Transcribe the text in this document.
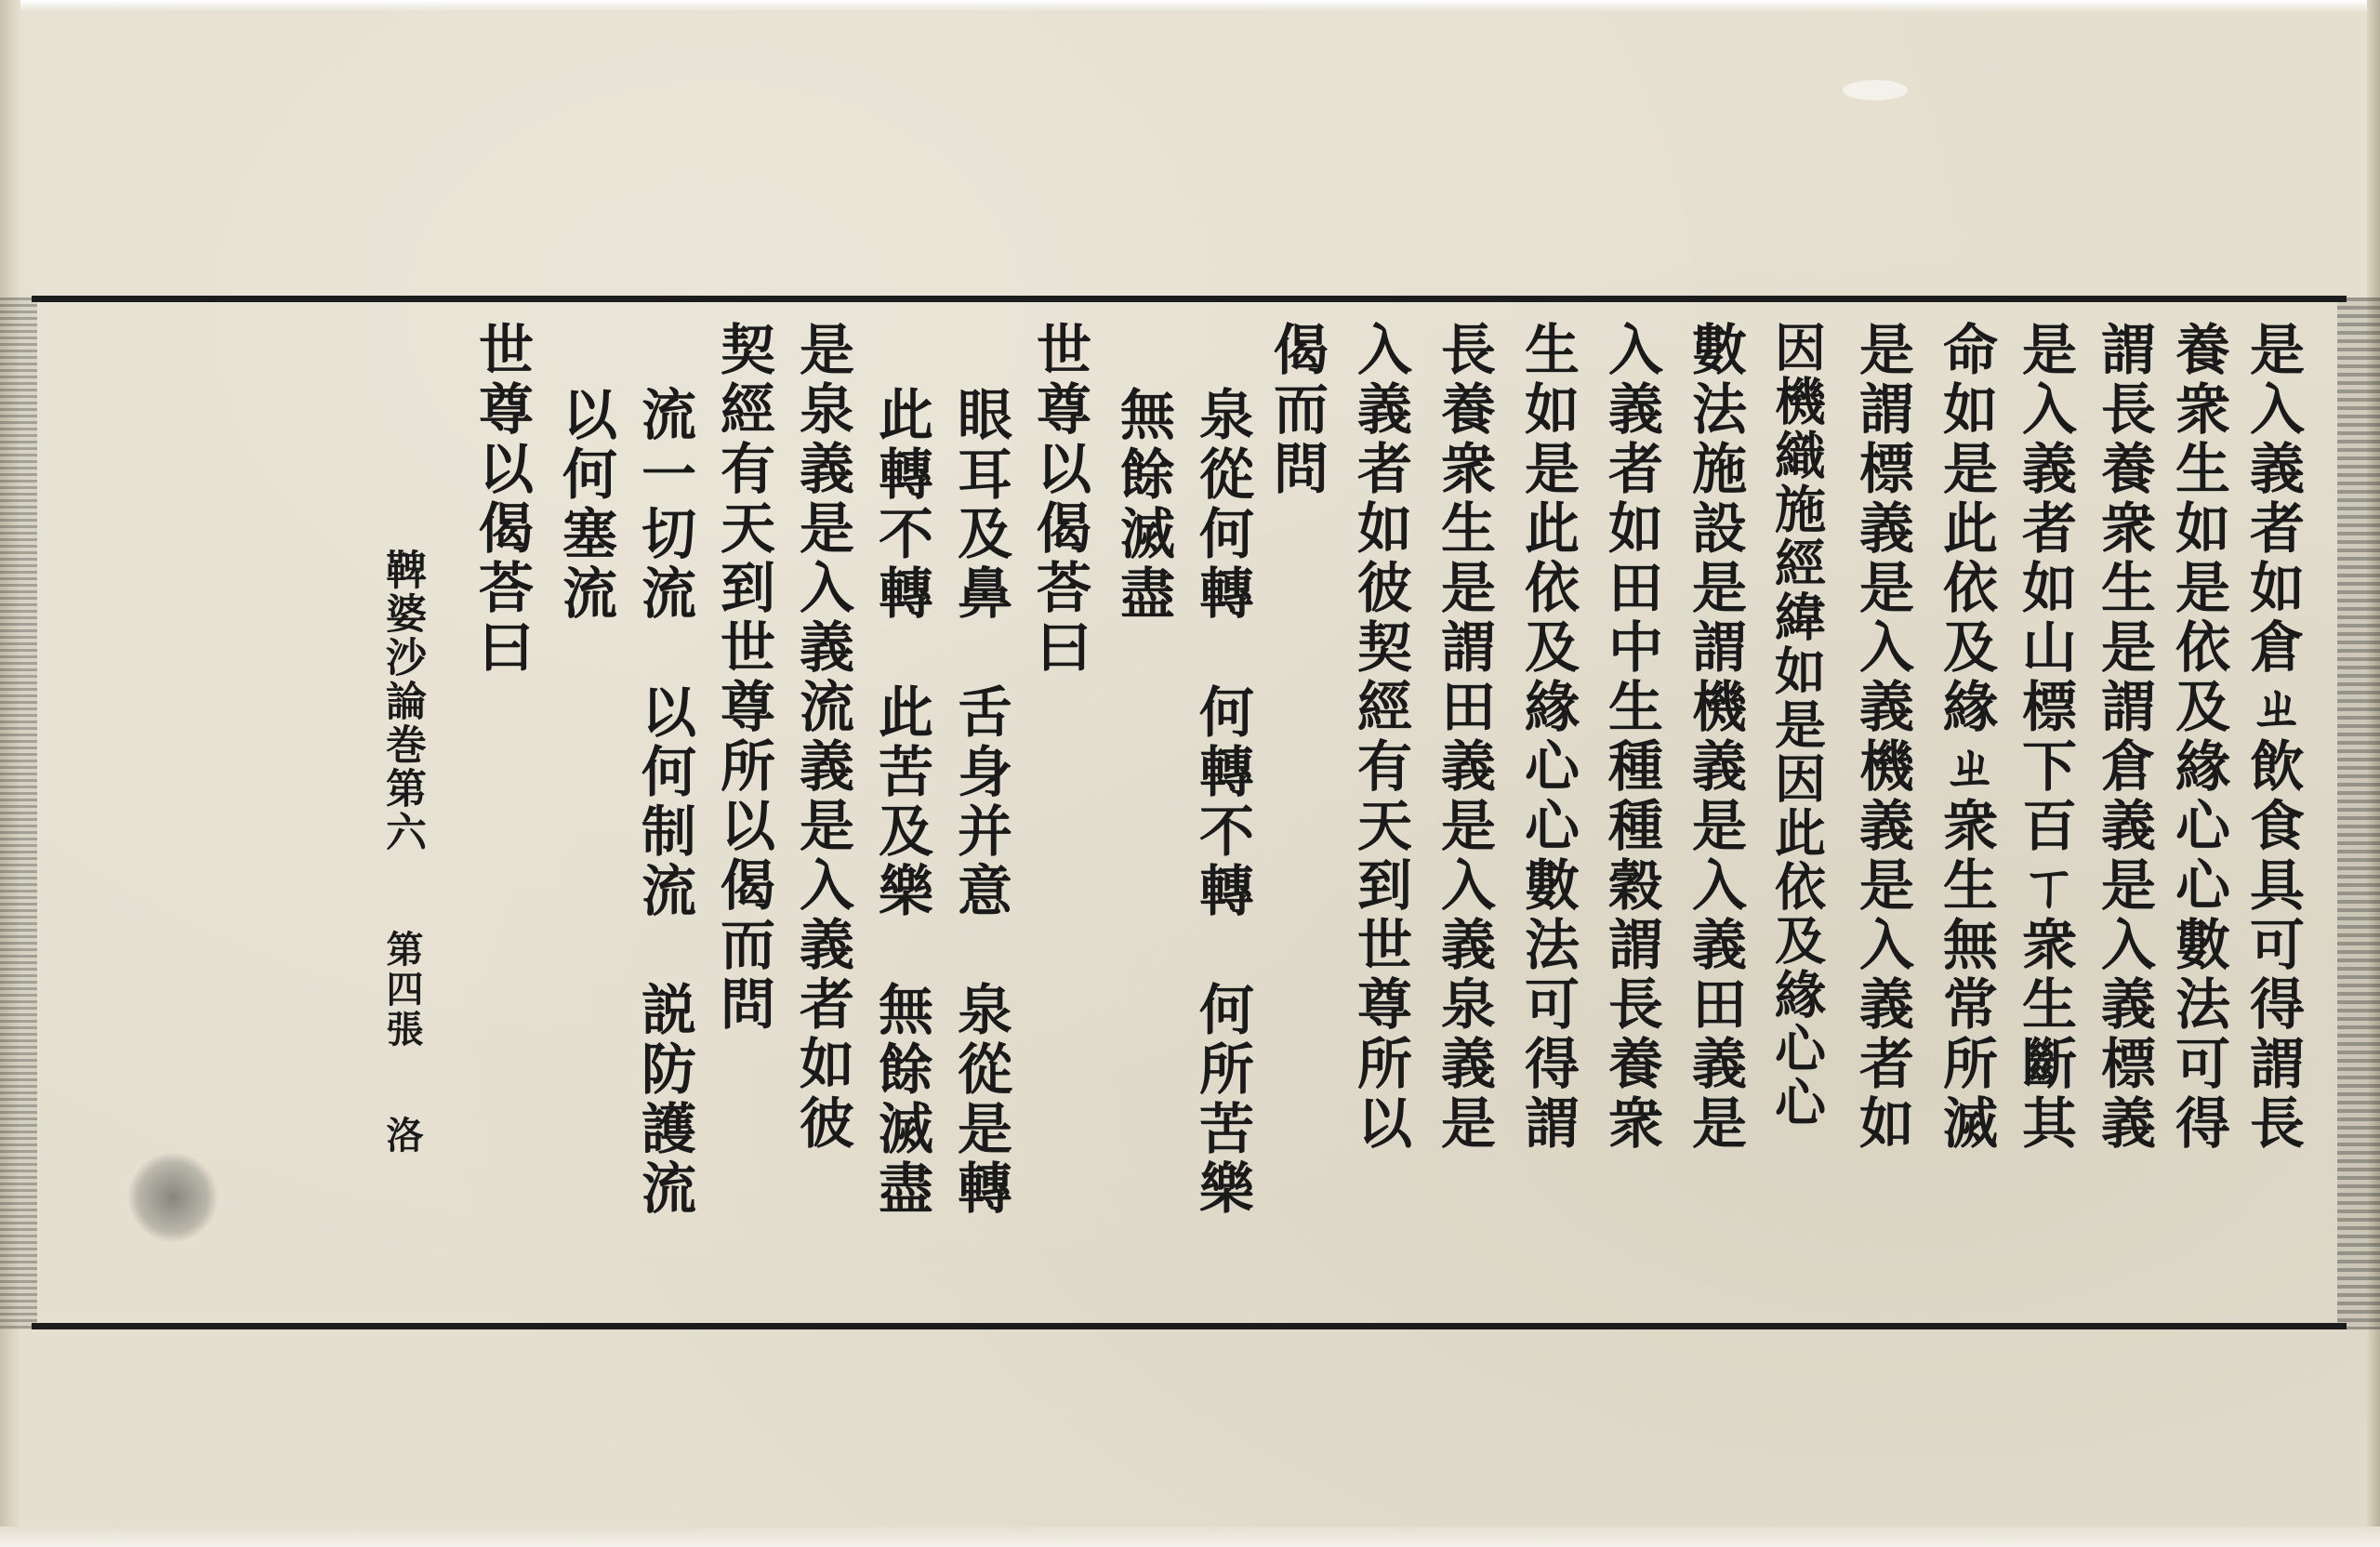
是入義者如倉ㄓ飲食具可得謂長
養衆生如是依及緣心心數法可得
謂長養衆生是謂倉義是入義標義
是入義者如山標下百ㄒ衆生斷其
命如是此依及緣ㄓ衆生無常所滅
是謂標義是入義機義是入義者如
因機織施經緯如是因此依及緣心心
數法施設是謂機義是入義田義是
入義者如田中生種種穀謂長養衆
生如是此依及緣心心數法可得謂
長養衆生是謂田義是入義泉義是
入義者如彼契經有天到世尊所以
偈而問
泉從何轉　何轉不轉　何所苦樂
無餘滅盡
世尊以偈荅曰
眼耳及鼻　舌身并意　泉從是轉
此轉不轉　此苦及樂　無餘滅盡
是泉義是入義流義是入義者如彼
契經有天到世尊所以偈而問
流一切流　以何制流　説防護流
以何塞流
世尊以偈荅曰
鞞婆沙論巻第六
第四張
洛
